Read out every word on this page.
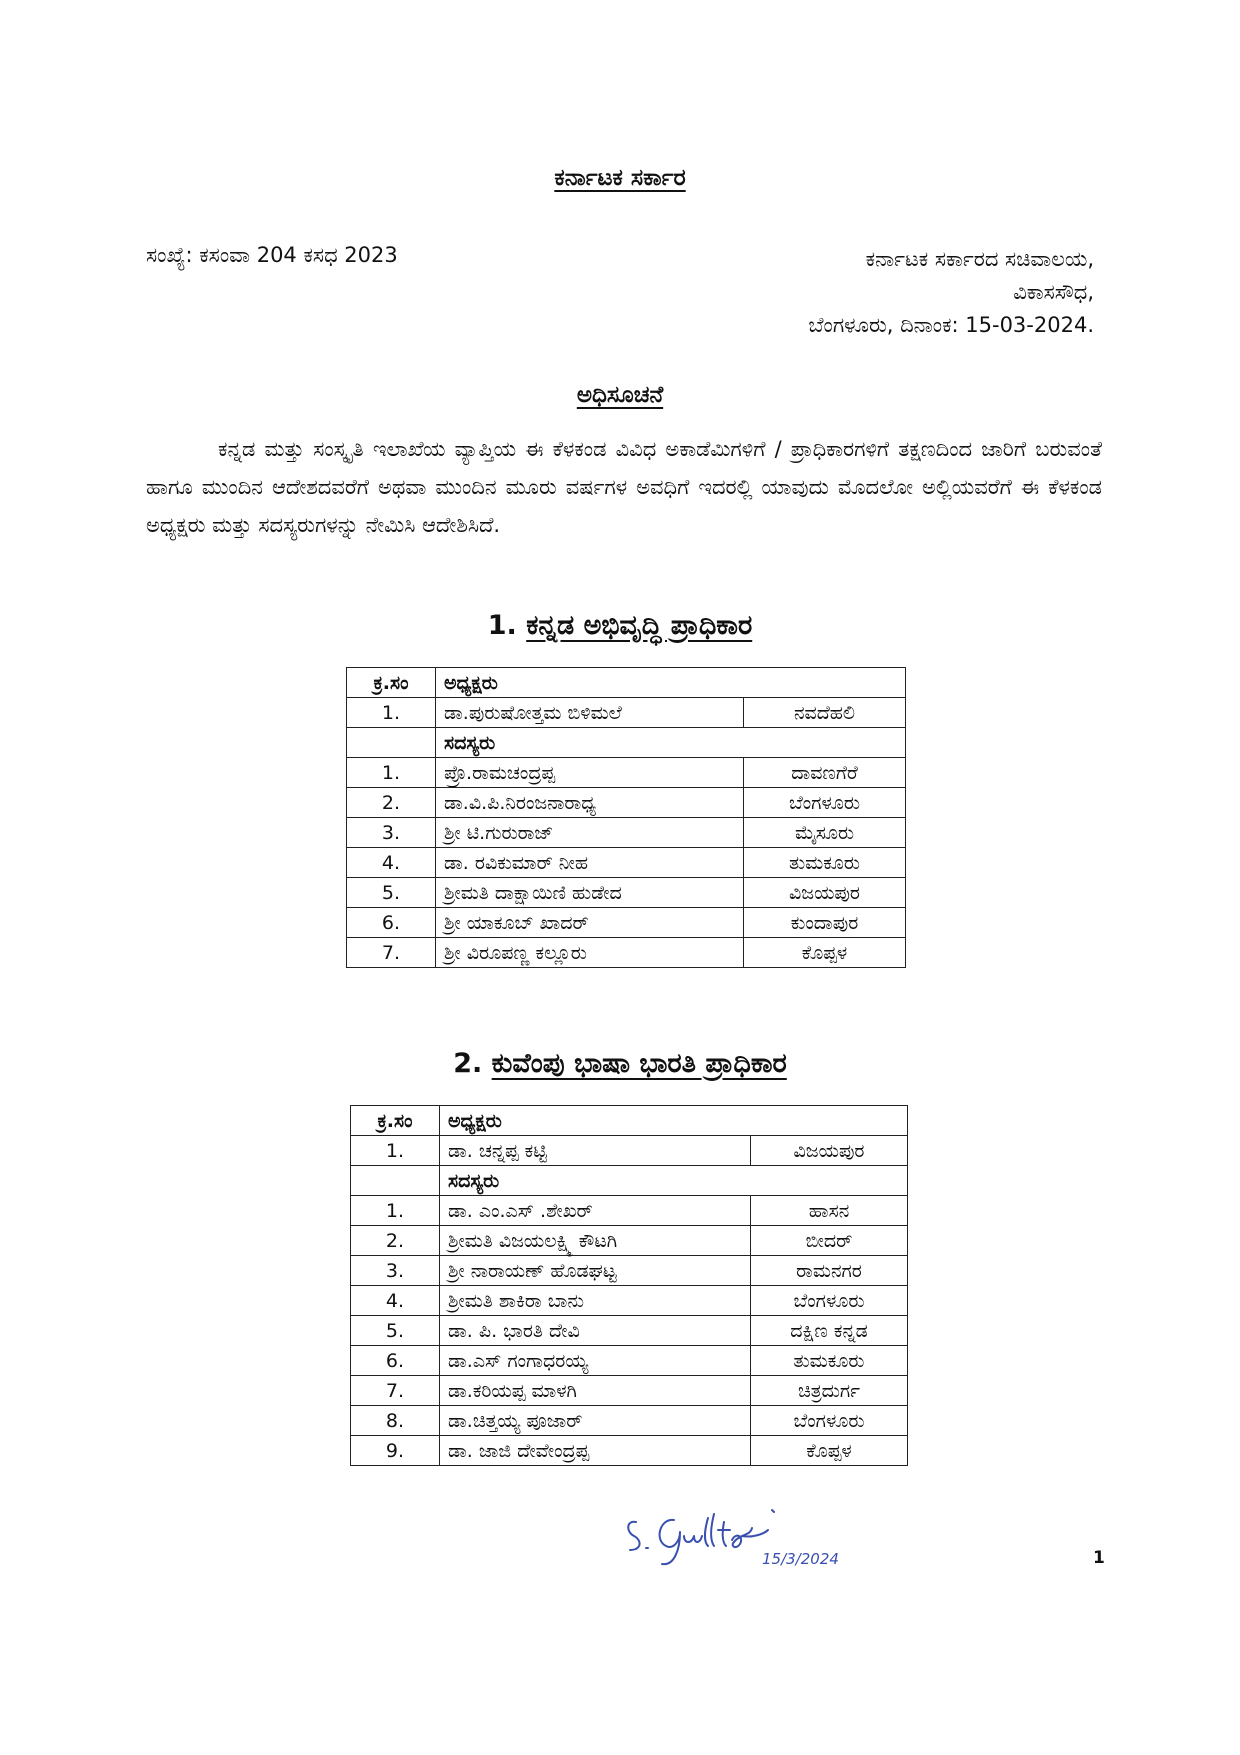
ಕರ್ನಾಟಕ ಸರ್ಕಾರ
ಸಂಖ್ಯೆ: ಕಸಂವಾ 204 ಕಸಧ 2023	ಕರ್ನಾಟಕ ಸರ್ಕಾರದ ಸಚಿವಾಲಯ,
ವಿಕಾಸಸೌಧ,
ಬೆಂಗಳೂರು, ದಿನಾಂಕ: 15-03-2024.
ಅಧಿಸೂಚನೆ
ಕನ್ನಡ ಮತ್ತು ಸಂಸ್ಕೃತಿ ಇಲಾಖೆಯ ವ್ಯಾಪ್ತಿಯ ಈ ಕೆಳಕಂಡ ವಿವಿಧ ಅಕಾಡೆಮಿಗಳಿಗೆ / ಪ್ರಾಧಿಕಾರಗಳಿಗೆ ತಕ್ಷಣದಿಂದ ಜಾರಿಗೆ ಬರುವಂತೆ ಹಾಗೂ ಮುಂದಿನ ಆದೇಶದವರೆಗೆ ಅಥವಾ ಮುಂದಿನ ಮೂರು ವರ್ಷಗಳ ಅವಧಿಗೆ ಇದರಲ್ಲಿ ಯಾವುದು ಮೊದಲೋ ಅಲ್ಲಿಯವರೆಗೆ ಈ ಕೆಳಕಂಡ ಅಧ್ಯಕ್ಷರು ಮತ್ತು ಸದಸ್ಯರುಗಳನ್ನು ನೇಮಿಸಿ ಆದೇಶಿಸಿದೆ.
1. ಕನ್ನಡ ಅಭಿವೃದ್ಧಿ ಪ್ರಾಧಿಕಾರ
ಕ್ರ.ಸಂ	ಅಧ್ಯಕ್ಷರು	
1.	ಡಾ.ಪುರುಷೋತ್ತಮ ಬಿಳಿಮಲೆ	ನವದೆಹಲಿ
	ಸದಸ್ಯರು	
1.	ಪ್ರೊ.ರಾಮಚಂದ್ರಪ್ಪ	ದಾವಣಗೆರೆ
2.	ಡಾ.ವಿ.ಪಿ.ನಿರಂಜನಾರಾಧ್ಯ	ಬೆಂಗಳೂರು
3.	ಶ್ರೀ ಟಿ.ಗುರುರಾಜ್	ಮೈಸೂರು
4.	ಡಾ. ರವಿಕುಮಾರ್ ನೀಹ	ತುಮಕೂರು
5.	ಶ್ರೀಮತಿ ದಾಕ್ಷಾಯಿಣಿ ಹುಡೇದ	ವಿಜಯಪುರ
6.	ಶ್ರೀ ಯಾಕೂಬ್ ಖಾದರ್	ಕುಂದಾಪುರ
7.	ಶ್ರೀ ವಿರೂಪಣ್ಣ ಕಲ್ಲೂರು	ಕೊಪ್ಪಳ
2. ಕುವೆಂಪು ಭಾಷಾ ಭಾರತಿ ಪ್ರಾಧಿಕಾರ
ಕ್ರ.ಸಂ	ಅಧ್ಯಕ್ಷರು	
1.	ಡಾ. ಚನ್ನಪ್ಪ ಕಟ್ಟಿ	ವಿಜಯಪುರ
	ಸದಸ್ಯರು	
1.	ಡಾ. ಎಂ.ಎಸ್ .ಶೇಖರ್	ಹಾಸನ
2.	ಶ್ರೀಮತಿ ವಿಜಯಲಕ್ಷ್ಮಿ ಕೌಟಗಿ	ಬೀದರ್
3.	ಶ್ರೀ ನಾರಾಯಣ್ ಹೊಡಘಟ್ಟ	ರಾಮನಗರ
4.	ಶ್ರೀಮತಿ ಶಾಕಿರಾ ಬಾನು	ಬೆಂಗಳೂರು
5.	ಡಾ. ಪಿ. ಭಾರತಿ ದೇವಿ	ದಕ್ಷಿಣ ಕನ್ನಡ
6.	ಡಾ.ಎಸ್ ಗಂಗಾಧರಯ್ಯ	ತುಮಕೂರು
7.	ಡಾ.ಕರಿಯಪ್ಪ ಮಾಳಗಿ	ಚಿತ್ರದುರ್ಗ
8.	ಡಾ.ಚಿತ್ತಯ್ಯ ಪೂಜಾರ್	ಬೆಂಗಳೂರು
9.	ಡಾ. ಜಾಜಿ ದೇವೇಂದ್ರಪ್ಪ	ಕೊಪ್ಪಳ
15/3/2024	1
